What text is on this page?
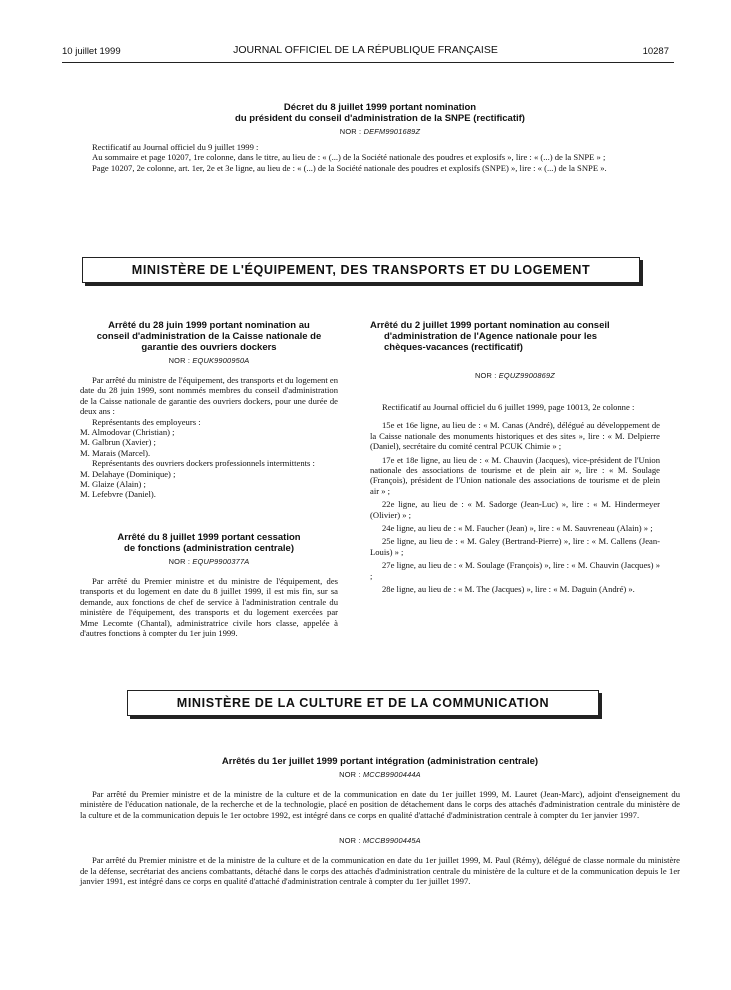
10 juillet 1999	JOURNAL OFFICIEL DE LA RÉPUBLIQUE FRANÇAISE	10287
Décret du 8 juillet 1999 portant nomination
du président du conseil d'administration de la SNPE (rectificatif)
NOR : DEFM9901689Z

Rectificatif au Journal officiel du 9 juillet 1999 :

Au sommaire et page 10207, 1re colonne, dans le titre, au lieu de : « (...) de la Société nationale des poudres et explosifs », lire : « (...) de la SNPE » ;

Page 10207, 2e colonne, art. 1er, 2e et 3e ligne, au lieu de : « (...) de la Société nationale des poudres et explosifs (SNPE) », lire : « (...) de la SNPE ».

MINISTÈRE DE L'ÉQUIPEMENT, DES TRANSPORTS ET DU LOGEMENT
Arrêté du 28 juin 1999 portant nomination au
conseil d'administration de la Caisse nationale de
garantie des ouvriers dockers
NOR : EQUK9900950A

Par arrêté du ministre de l'équipement, des transports et du logement en date du 28 juin 1999, sont nommés membres du conseil d'administration de la Caisse nationale de garantie des ouvriers dockers, pour une durée de deux ans :

Représentants des employeurs :

M. Almodovar (Christian) ;

M. Galbrun (Xavier) ;

M. Marais (Marcel).

Représentants des ouvriers dockers professionnels intermittents :

M. Delahaye (Dominique) ;

M. Glaize (Alain) ;

M. Lefebvre (Daniel).

Arrêté du 8 juillet 1999 portant cessation
de fonctions (administration centrale)
NOR : EQUP9900377A

Par arrêté du Premier ministre et du ministre de l'équipement, des transports et du logement en date du 8 juillet 1999, il est mis fin, sur sa demande, aux fonctions de chef de service à l'administration centrale du ministère de l'équipement, des transports et du logement exercées par Mme Lecomte (Chantal), administratrice civile hors classe, appelée à d'autres fonctions à compter du 1er juin 1999.

Arrêté du 2 juillet 1999 portant nomination au conseil
d'administration de l'Agence nationale pour les
chèques-vacances (rectificatif)
NOR : EQUZ9900869Z

Rectificatif au Journal officiel du 6 juillet 1999, page 10013, 2e colonne :

15e et 16e ligne, au lieu de : « M. Canas (André), délégué au développement de la Caisse nationale des monuments historiques et des sites », lire : « M. Delpierre (Daniel), secrétaire du comité central PCUK Chimie » ;

17e et 18e ligne, au lieu de : « M. Chauvin (Jacques), vice-président de l'Union nationale des associations de tourisme et de plein air », lire : « M. Soulage (François), président de l'Union nationale des associations de tourisme et de plein air » ;

22e ligne, au lieu de : « M. Sadorge (Jean-Luc) », lire : « M. Hindermeyer (Olivier) » ;

24e ligne, au lieu de : « M. Faucher (Jean) », lire : « M. Sauvreneau (Alain) » ;

25e ligne, au lieu de : « M. Galey (Bertrand-Pierre) », lire : « M. Callens (Jean-Louis) » ;

27e ligne, au lieu de : « M. Soulage (François) », lire : « M. Chauvin (Jacques) » ;

28e ligne, au lieu de : « M. The (Jacques) », lire : « M. Daguin (André) ».

MINISTÈRE DE LA CULTURE ET DE LA COMMUNICATION
Arrêtés du 1er juillet 1999 portant intégration (administration centrale)
NOR : MCCB9900444A

Par arrêté du Premier ministre et de la ministre de la culture et de la communication en date du 1er juillet 1999, M. Lauret (Jean-Marc), adjoint d'enseignement du ministère de l'éducation nationale, de la recherche et de la technologie, placé en position de détachement dans le corps des attachés d'administration centrale du ministère de la culture et de la communication depuis le 1er octobre 1992, est intégré dans ce corps en qualité d'attaché d'administration centrale à compter du 1er janvier 1997.

NOR : MCCB9900445A

Par arrêté du Premier ministre et de la ministre de la culture et de la communication en date du 1er juillet 1999, M. Paul (Rémy), délégué de classe normale du ministère de la défense, secrétariat des anciens combattants, détaché dans le corps des attachés d'administration centrale du ministère de la culture et de la communication depuis le 1er janvier 1991, est intégré dans ce corps en qualité d'attaché d'administration centrale à compter du 1er juillet 1997.
